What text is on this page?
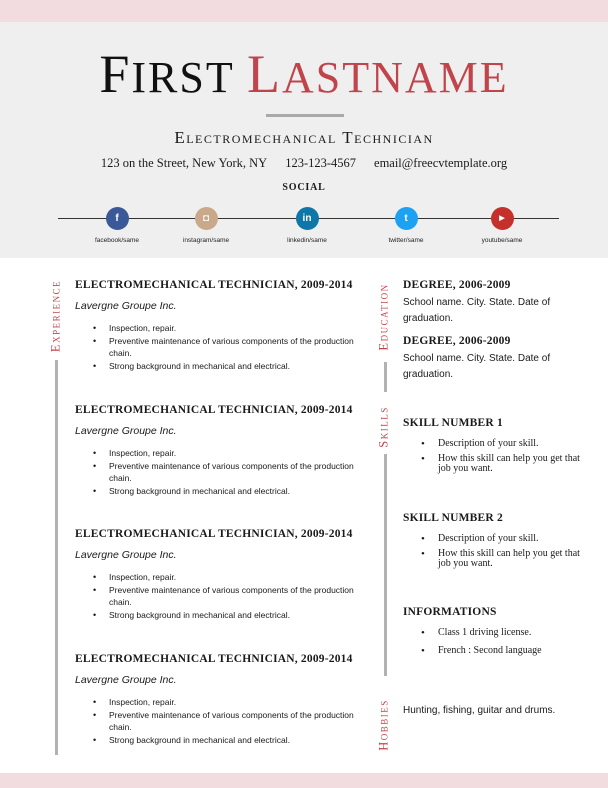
FIRST LASTNAME
Electromechanical Technician
123 on the Street, New York, NY 123-123-4567 email@freecvtemplate.org
SOCIAL
f
facebook/same
◘
instagram/same
in
linkedin/same
t
twitter/same
▶
youtube/same
Experience ELECTROMECHANICAL TECHNICIAN, 2009-2014
Lavergne Groupe Inc.
• Inspection, repair.
• Preventive maintenance of various components of the production chain.
• Strong background in mechanical and electrical.
ELECTROMECHANICAL TECHNICIAN, 2009-2014
Lavergne Groupe Inc.
• Inspection, repair.
• Preventive maintenance of various components of the production chain.
• Strong background in mechanical and electrical.
ELECTROMECHANICAL TECHNICIAN, 2009-2014
Lavergne Groupe Inc.
• Inspection, repair.
• Preventive maintenance of various components of the production chain.
• Strong background in mechanical and electrical.
ELECTROMECHANICAL TECHNICIAN, 2009-2014
Lavergne Groupe Inc.
• Inspection, repair.
• Preventive maintenance of various components of the production chain.
• Strong background in mechanical and electrical.
Education
Skills
Hobbies
DEGREE, 2006-2009
School name. City. State. Date of graduation.
DEGREE, 2006-2009
School name. City. State. Date of graduation.
SKILL NUMBER 1
• Description of your skill.
• How this skill can help you get that job you want.
SKILL NUMBER 2
• Description of your skill.
• How this skill can help you get that job you want.
INFORMATIONS
• Class 1 driving license.
• French : Second language
Hunting, fishing, guitar and drums.
